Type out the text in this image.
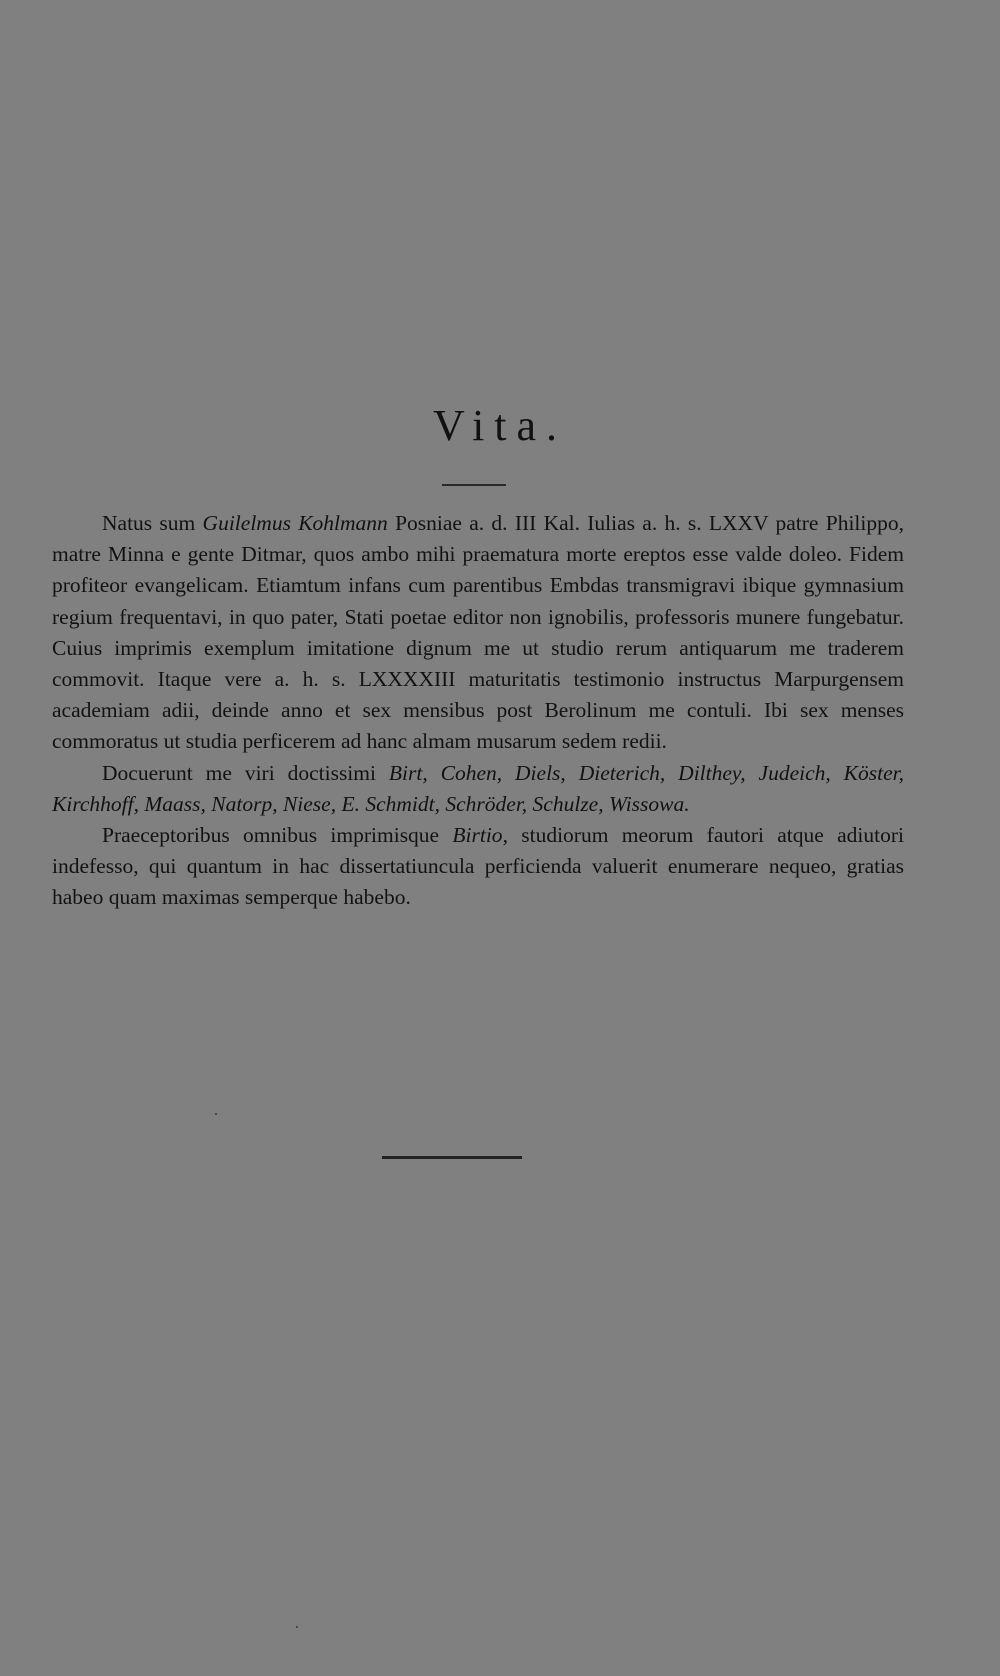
Vita.

Natus sum Guilelmus Kohlmann Posniae a. d. III Kal. Iulias a. h. s. LXXV patre Philippo, matre Minna e gente Ditmar, quos ambo mihi praematura morte ereptos esse valde doleo. Fidem profiteor evangelicam. Etiamtum infans cum parentibus Embdas transmigravi ibique gymnasium regium frequentavi, in quo pater, Stati poetae editor non ignobilis, professoris munere fungebatur. Cuius imprimis exemplum imitatione dignum me ut studio rerum antiquarum me traderem commovit. Itaque vere a. h. s. LXXXXIII maturitatis testimonio instructus Marpurgensem academiam adii, deinde anno et sex mensibus post Berolinum me contuli. Ibi sex menses commoratus ut studia perficerem ad hanc almam musarum sedem redii.

Docuerunt me viri doctissimi Birt, Cohen, Diels, Dieterich, Dilthey, Judeich, Köster, Kirchhoff, Maass, Natorp, Niese, E. Schmidt, Schröder, Schulze, Wissowa.

Praeceptoribus omnibus imprimisque Birtio, studiorum meorum fautori atque adiutori indefesso, qui quantum in hac dissertatiuncula perficienda valuerit enumerare nequeo, gratias habeo quam maximas semperque habebo.
